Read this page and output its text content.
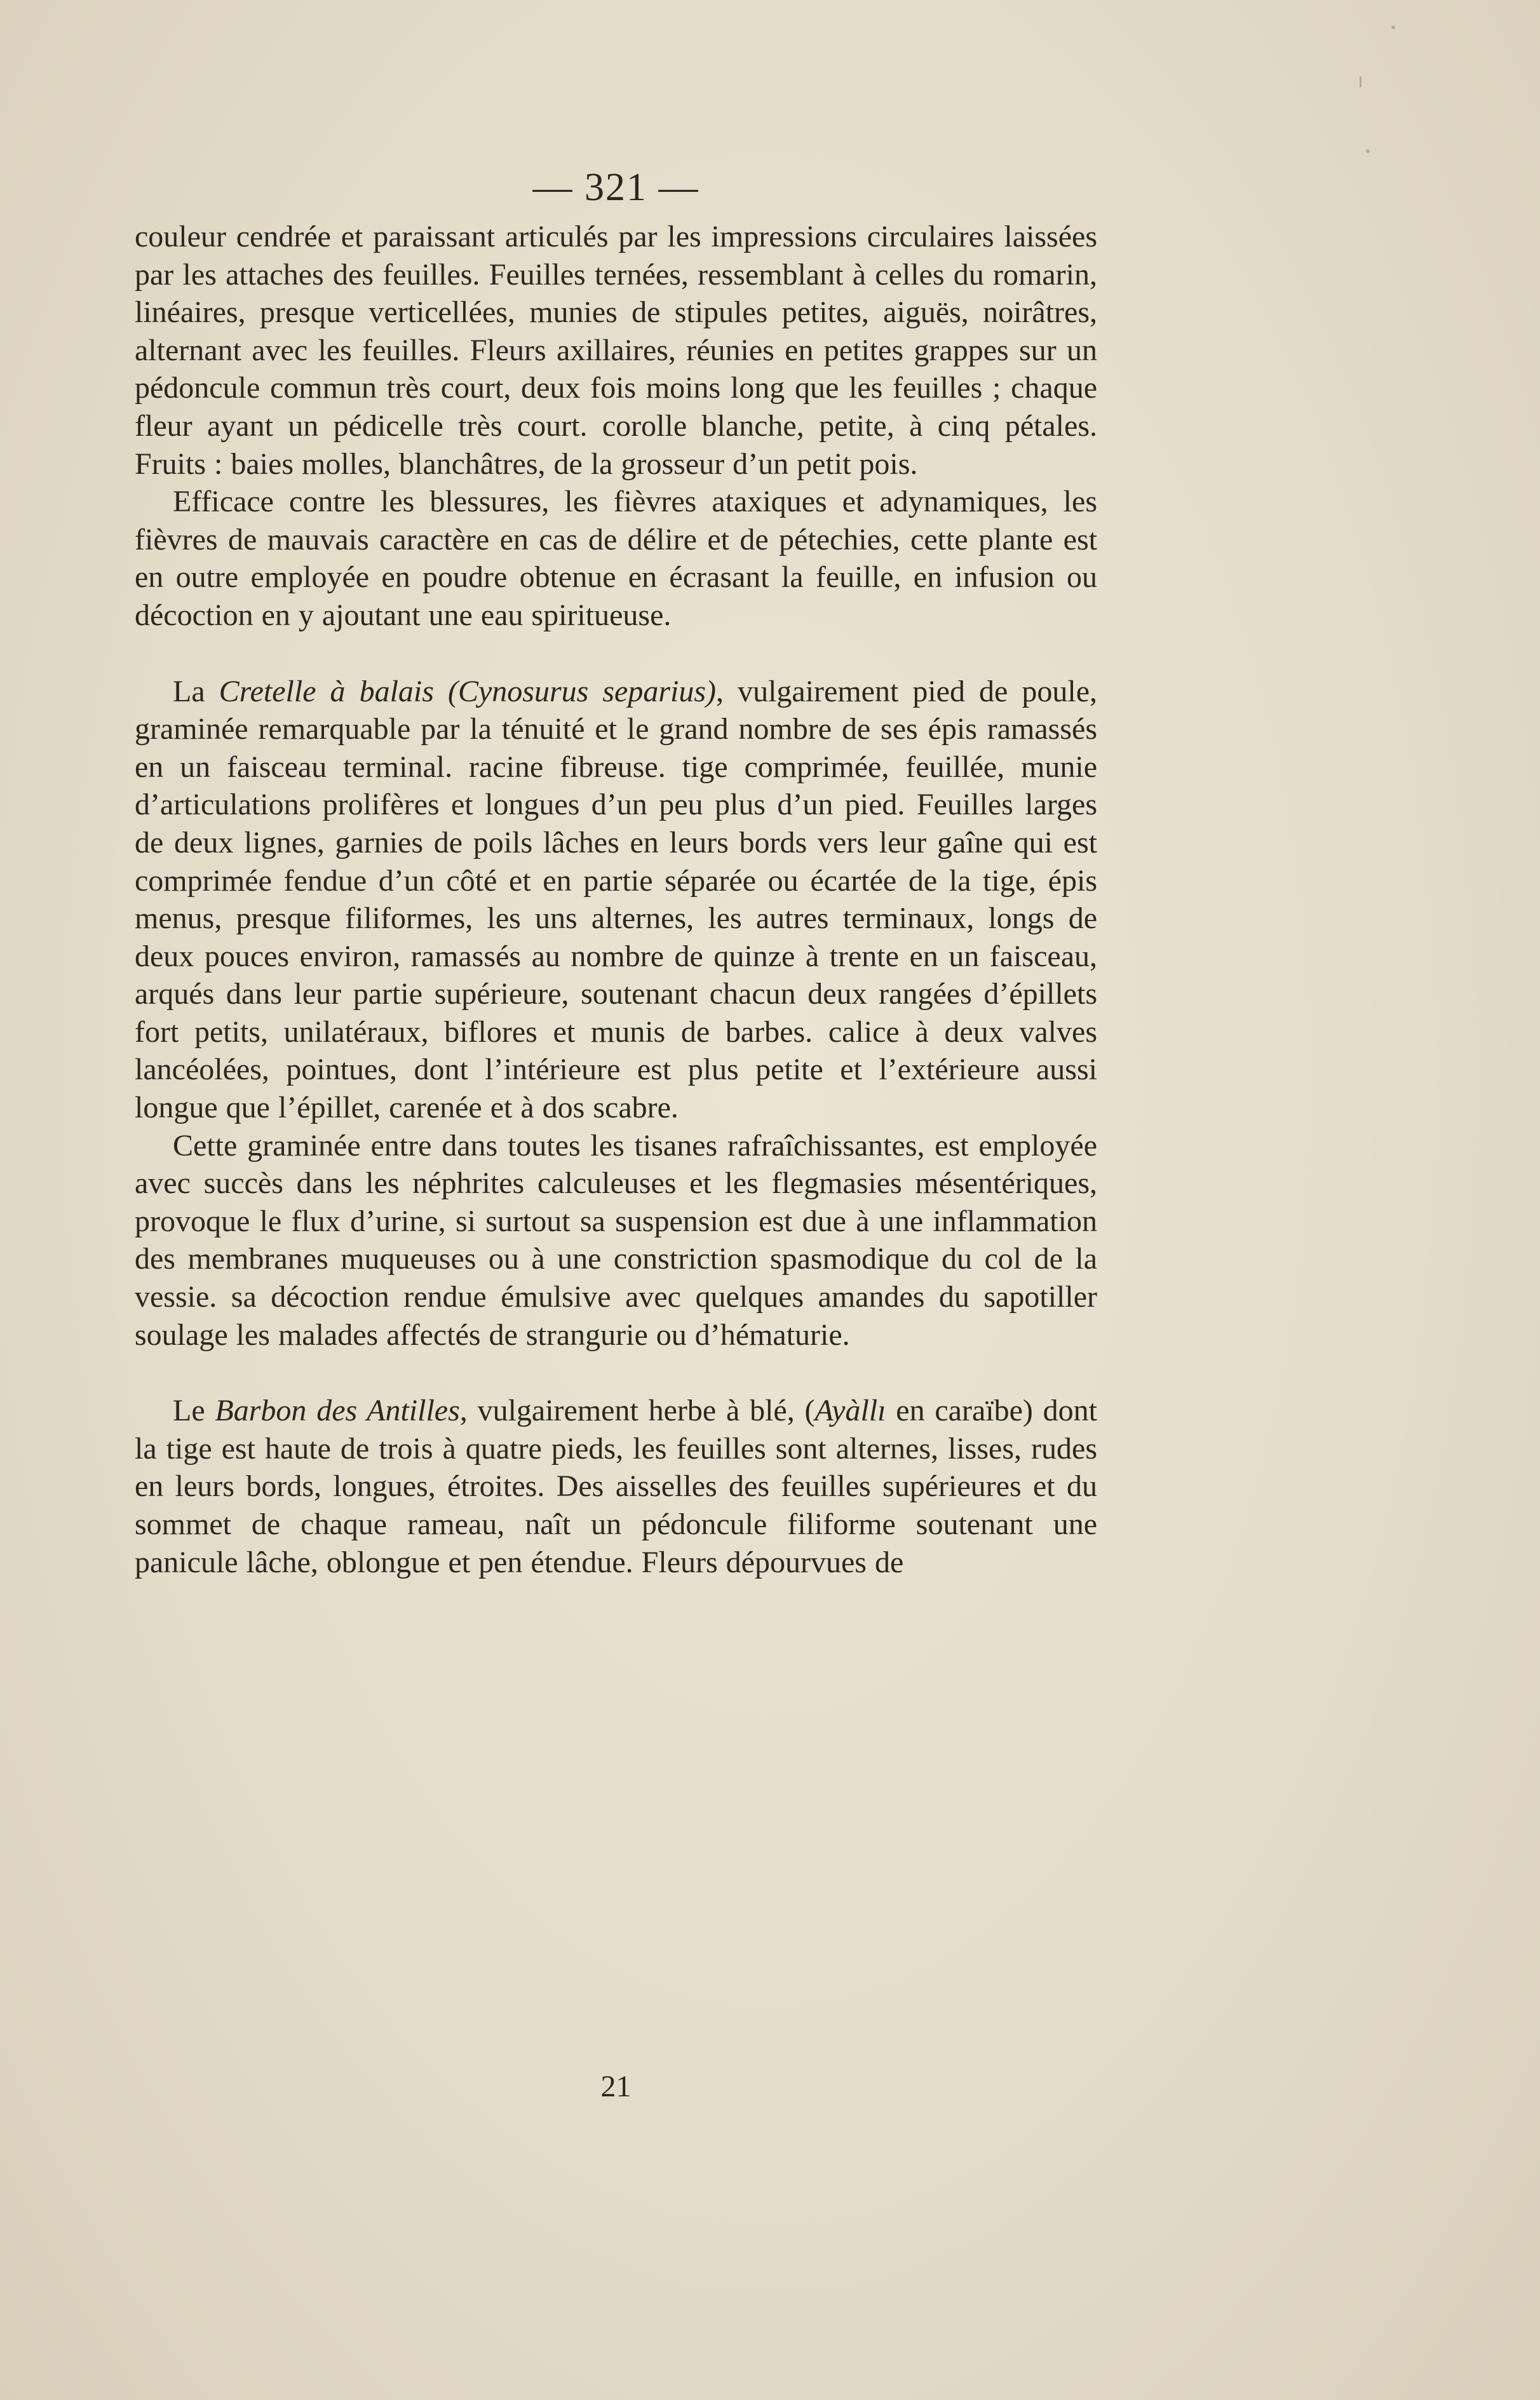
— 321 —

couleur cendrée et paraissant articulés par les impressions circulaires laissées par les attaches des feuilles. Feuilles ternées, ressemblant à celles du romarin, linéaires, presque verticellées, munies de stipules petites, aiguës, noirâtres, alternant avec les feuilles. Fleurs axillaires, réunies en petites grappes sur un pédoncule commun très court, deux fois moins long que les feuilles ; chaque fleur ayant un pédicelle très court. corolle blanche, petite, à cinq pétales. Fruits : baies molles, blanchâtres, de la grosseur d’un petit pois.

Efficace contre les blessures, les fièvres ataxiques et adynamiques, les fièvres de mauvais caractère en cas de délire et de pétechies, cette plante est en outre employée en poudre obtenue en écrasant la feuille, en infusion ou décoction en y ajoutant une eau spiritueuse.

La Cretelle à balais (Cynosurus separius), vulgairement pied de poule, graminée remarquable par la ténuité et le grand nombre de ses épis ramassés en un faisceau terminal. racine fibreuse. tige comprimée, feuillée, munie d’articulations prolifères et longues d’un peu plus d’un pied. Feuilles larges de deux lignes, garnies de poils lâches en leurs bords vers leur gaîne qui est comprimée fendue d’un côté et en partie séparée ou écartée de la tige, épis menus, presque filiformes, les uns alternes, les autres terminaux, longs de deux pouces environ, ramassés au nombre de quinze à trente en un faisceau, arqués dans leur partie supérieure, soutenant chacun deux rangées d’épillets fort petits, unilatéraux, biflores et munis de barbes. calice à deux valves lancéolées, pointues, dont l’intérieure est plus petite et l’extérieure aussi longue que l’épillet, carenée et à dos scabre.

Cette graminée entre dans toutes les tisanes rafraîchissantes, est employée avec succès dans les néphrites calculeuses et les flegmasies mésentériques, provoque le flux d’urine, si surtout sa suspension est due à une inflammation des membranes muqueuses ou à une constriction spasmodique du col de la vessie. sa décoction rendue émulsive avec quelques amandes du sapotiller soulage les malades affectés de strangurie ou d’hématurie.

Le Barbon des Antilles, vulgairement herbe à blé, (Ayàllı en caraïbe) dont la tige est haute de trois à quatre pieds, les feuilles sont alternes, lisses, rudes en leurs bords, longues, étroites. Des aisselles des feuilles supérieures et du sommet de chaque rameau, naît un pédoncule filiforme soutenant une panicule lâche, oblongue et pen étendue. Fleurs dépourvues de

21
